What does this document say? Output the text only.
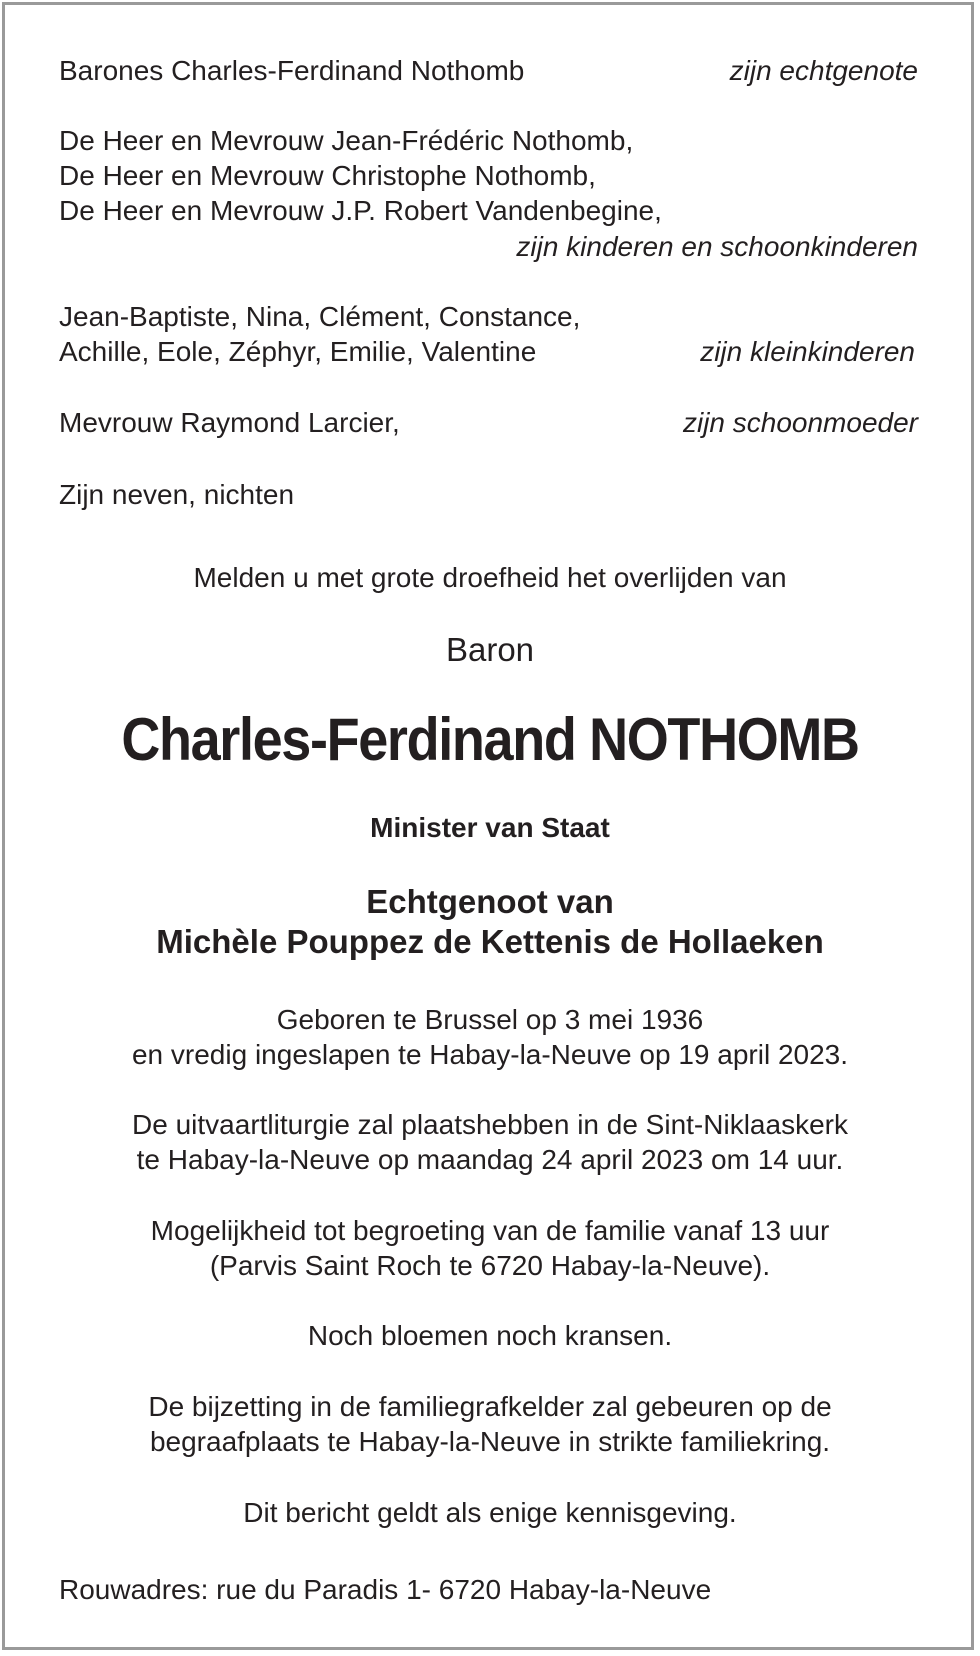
Barones Charles-Ferdinand Nothomb	zijn echtgenote
De Heer en Mevrouw Jean-Frédéric Nothomb,
De Heer en Mevrouw Christophe Nothomb,
De Heer en Mevrouw J.P. Robert Vandenbegine,
zijn kinderen en schoonkinderen
Jean-Baptiste, Nina, Clément, Constance,
Achille, Eole, Zéphyr, Emilie, Valentine	zijn kleinkinderen
Mevrouw Raymond Larcier,	zijn schoonmoeder
Zijn neven, nichten
Melden u met grote droefheid het overlijden van
Baron
Charles-Ferdinand NOTHOMB
Minister van Staat
Echtgenoot van
Michèle Pouppez de Kettenis de Hollaeken
Geboren te Brussel op 3 mei 1936
en vredig ingeslapen te Habay-la-Neuve op 19 april 2023.
De uitvaartliturgie zal plaatshebben in de Sint-Niklaaskerk
te Habay-la-Neuve op maandag 24 april 2023 om 14 uur.
Mogelijkheid tot begroeting van de familie vanaf 13 uur
(Parvis Saint Roch te 6720 Habay-la-Neuve).
Noch bloemen noch kransen.
De bijzetting in de familiegrafkelder zal gebeuren op de
begraafplaats te Habay-la-Neuve in strikte familiekring.
Dit bericht geldt als enige kennisgeving.
Rouwadres: rue du Paradis 1- 6720 Habay-la-Neuve
